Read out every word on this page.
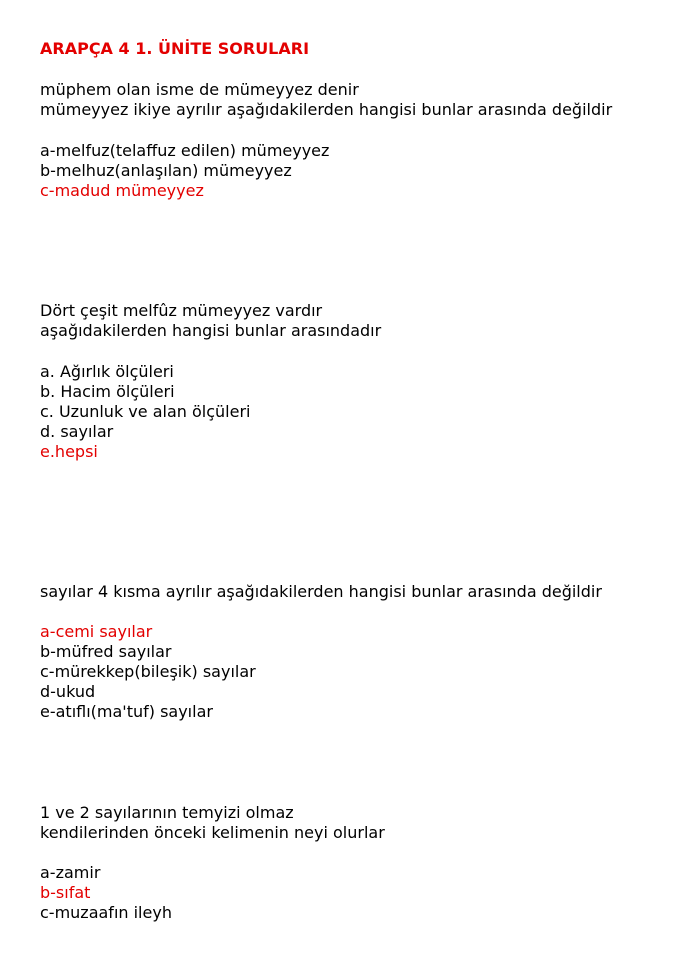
ARAPÇA 4 1. ÜNİTE SORULARI
müphem olan isme de mümeyyez denir
mümeyyez ikiye ayrılır aşağıdakilerden hangisi bunlar arasında değildir
a-melfuz(telaffuz edilen) mümeyyez
b-melhuz(anlaşılan) mümeyyez
c-madud mümeyyez
Dört çeşit melfûz mümeyyez vardır
aşağıdakilerden hangisi bunlar arasındadır
a. Ağırlık ölçüleri
b. Hacim ölçüleri
c. Uzunluk ve alan ölçüleri
d. sayılar
e.hepsi
sayılar 4 kısma ayrılır aşağıdakilerden hangisi bunlar arasında değildir
a-cemi sayılar
b-müfred sayılar
c-mürekkep(bileşik) sayılar
d-ukud
e-atıflı(ma'tuf) sayılar
1 ve 2 sayılarının temyizi olmaz
kendilerinden önceki kelimenin neyi olurlar
a-zamir
b-sıfat
c-muzaafın ileyh
